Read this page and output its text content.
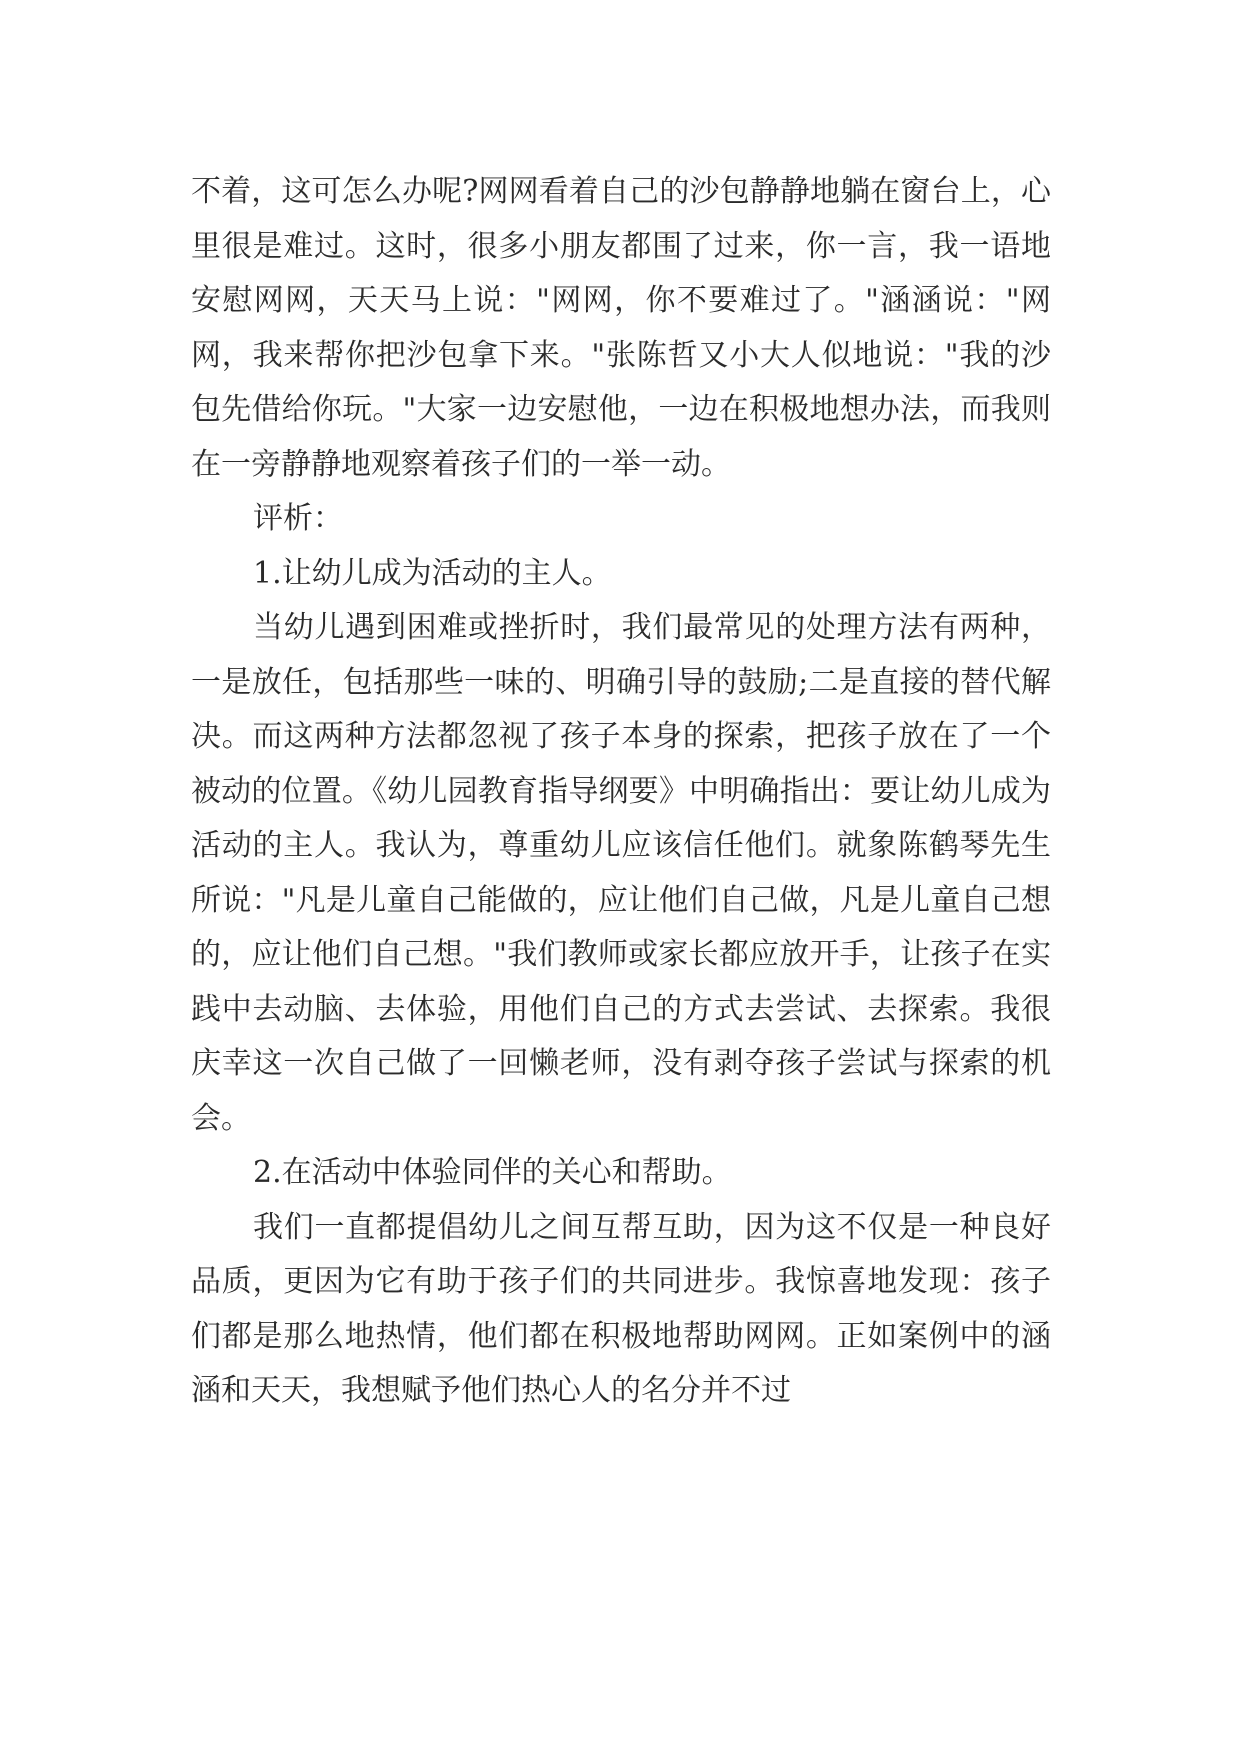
不着，这可怎么办呢?网网看着自己的沙包静静地躺在窗台上，心里很是难过。这时，很多小朋友都围了过来，你一言，我一语地安慰网网，天天马上说："网网，你不要难过了。"涵涵说："网网，我来帮你把沙包拿下来。"张陈哲又小大人似地说："我的沙包先借给你玩。"大家一边安慰他，一边在积极地想办法，而我则在一旁静静地观察着孩子们的一举一动。

评析：

1.让幼儿成为活动的主人。

当幼儿遇到困难或挫折时，我们最常见的处理方法有两种，一是放任，包括那些一味的、明确引导的鼓励;二是直接的替代解决。而这两种方法都忽视了孩子本身的探索，把孩子放在了一个被动的位置。《幼儿园教育指导纲要》中明确指出：要让幼儿成为活动的主人。我认为，尊重幼儿应该信任他们。就象陈鹤琴先生所说："凡是儿童自己能做的，应让他们自己做，凡是儿童自己想的，应让他们自己想。"我们教师或家长都应放开手，让孩子在实践中去动脑、去体验，用他们自己的方式去尝试、去探索。我很庆幸这一次自己做了一回懒老师，没有剥夺孩子尝试与探索的机会。

2.在活动中体验同伴的关心和帮助。

我们一直都提倡幼儿之间互帮互助，因为这不仅是一种良好品质，更因为它有助于孩子们的共同进步。我惊喜地发现：孩子们都是那么地热情，他们都在积极地帮助网网。正如案例中的涵涵和天天，我想赋予他们热心人的名分并不过
